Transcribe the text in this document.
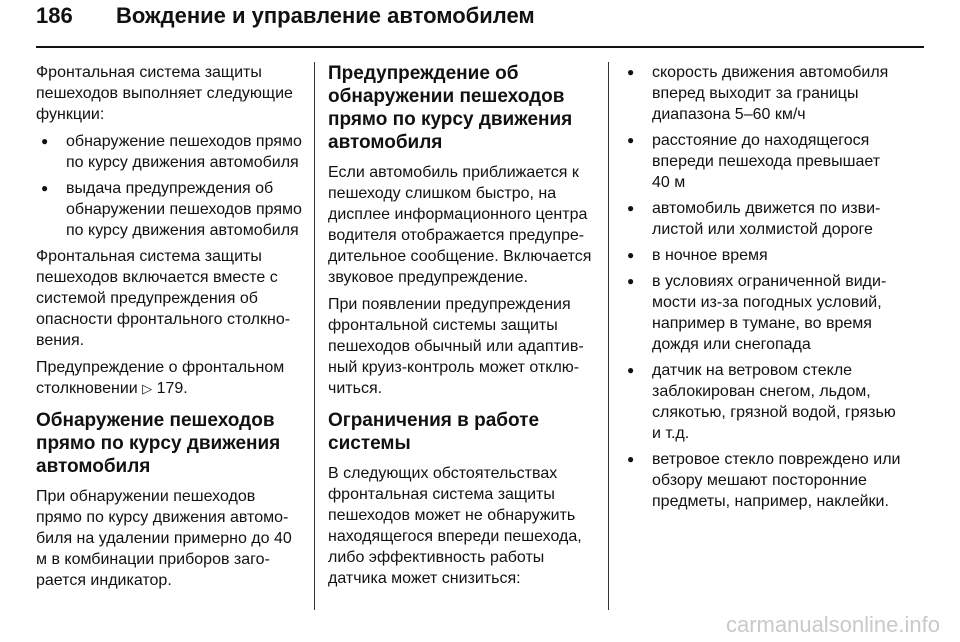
186 Вождение и управление автомобилем

Фронтальная система защиты пешеходов выполняет следующие функции:

● обнаружение пешеходов прямо по курсу движения автомобиля
● выдача предупреждения об обнаружении пешеходов прямо по курсу движения автомобиля

Фронтальная система защиты пешеходов включается вместе с системой предупреждения об опасности фронтального столкновения.

Предупреждение о фронтальном столкновении ▷ 179.

Обнаружение пешеходов прямо по курсу движения автомобиля

При обнаружении пешеходов прямо по курсу движения автомобиля на удалении примерно до 40 м в комбинации приборов загорается индикатор.

Предупреждение об обнаружении пешеходов прямо по курсу движения автомобиля

Если автомобиль приближается к пешеходу слишком быстро, на дисплее информационного центра водителя отображается предупредительное сообщение. Включается звуковое предупреждение.

При появлении предупреждения фронтальной системы защиты пешеходов обычный или адаптивный круиз-контроль может отключиться.

Ограничения в работе системы

В следующих обстоятельствах фронтальная система защиты пешеходов может не обнаружить находящегося впереди пешехода, либо эффективность работы датчика может снизиться:

● скорость движения автомобиля вперед выходит за границы диапазона 5–60 км/ч
● расстояние до находящегося впереди пешехода превышает 40 м
● автомобиль движется по извилистой или холмистой дороге
● в ночное время
● в условиях ограниченной видимости из-за погодных условий, например в тумане, во время дождя или снегопада
● датчик на ветровом стекле заблокирован снегом, льдом, слякотью, грязной водой, грязью и т.д.
● ветровое стекло повреждено или обзору мешают посторонние предметы, например, наклейки.
carmanualsonline.info
